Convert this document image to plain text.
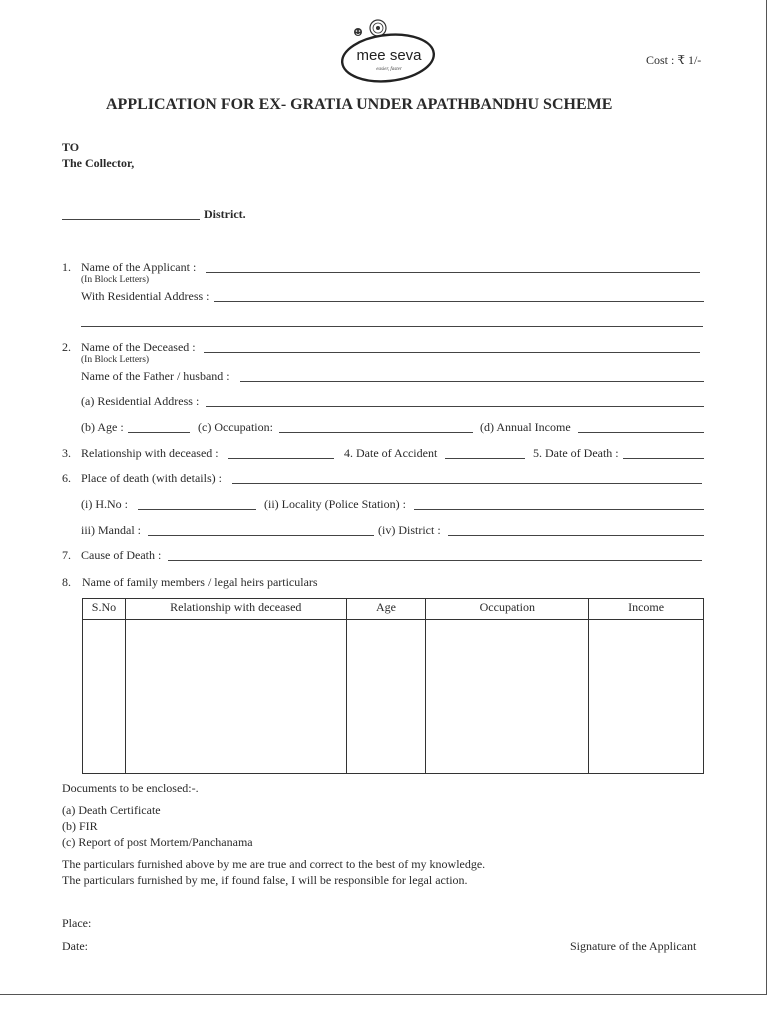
mee seva
easier, faster
Cost : ₹ 1/-
APPLICATION FOR EX- GRATIA UNDER APATHBANDHU SCHEME
TO
The Collector,
District.
1. Name of the Applicant :
(In Block Letters)
With Residential Address :
2. Name of the Deceased :
(In Block Letters)
Name of the Father / husband :
(a) Residential Address :
(b) Age :	(c) Occupation:	(d) Annual Income
3. Relationship with deceased :	4. Date of Accident	5. Date of Death :
6. Place of death (with details) :
(i) H.No :	(ii) Locality (Police Station) :
iii) Mandal :	(iv) District :
7. Cause of Death :
8. Name of family members / legal heirs particulars
S.No	Relationship with deceased	Age	Occupation	Income

Documents to be enclosed:-.
(a) Death Certificate
(b) FIR
(c) Report of post Mortem/Panchanama
The particulars furnished above by me are true and correct to the best of my knowledge.
The particulars furnished by me, if found false, I will be responsible for legal action.
Place:
Date:	Signature of the Applicant
